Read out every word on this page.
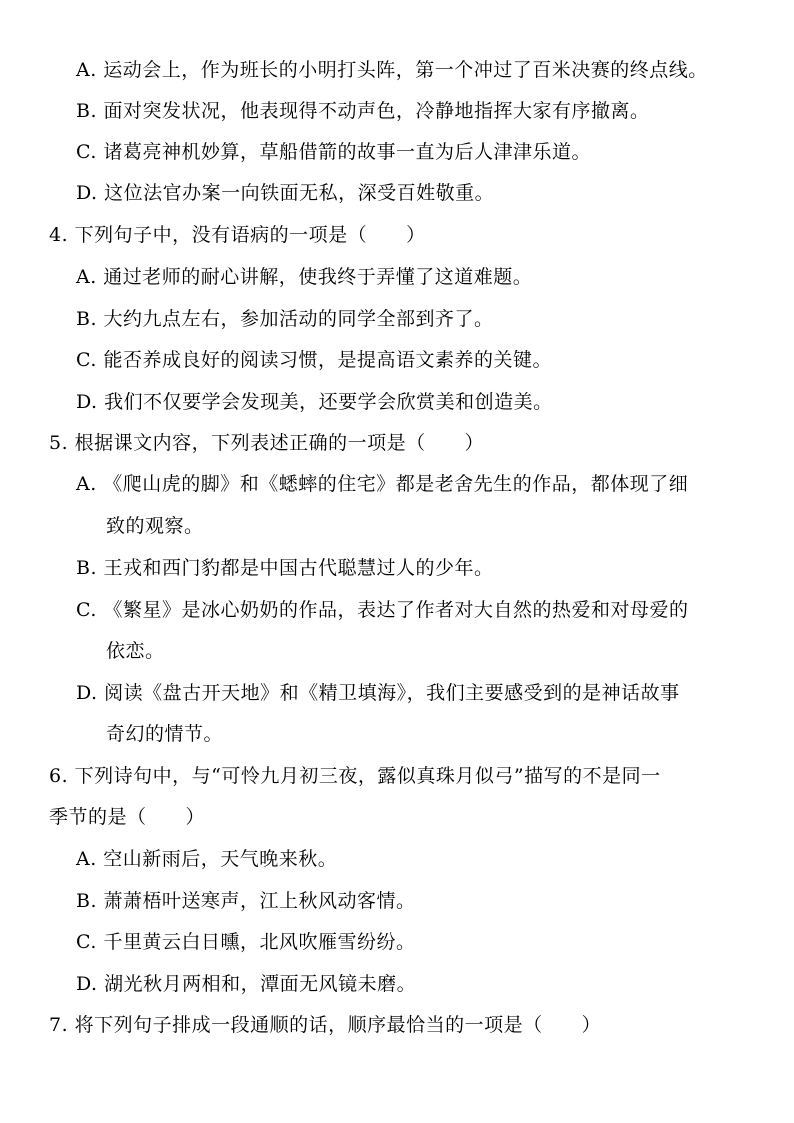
A. 运动会上，作为班长的小明打头阵，第一个冲过了百米决赛的终点线。
B. 面对突发状况，他表现得不动声色，冷静地指挥大家有序撤离。
C. 诸葛亮神机妙算，草船借箭的故事一直为后人津津乐道。
D. 这位法官办案一向铁面无私，深受百姓敬重。
4. 下列句子中，没有语病的一项是（　　）
A. 通过老师的耐心讲解，使我终于弄懂了这道难题。
B. 大约九点左右，参加活动的同学全部到齐了。
C. 能否养成良好的阅读习惯，是提高语文素养的关键。
D. 我们不仅要学会发现美，还要学会欣赏美和创造美。
5. 根据课文内容，下列表述正确的一项是（　　）
A. 《爬山虎的脚》和《蟋蟀的住宅》都是老舍先生的作品，都体现了细
致的观察。
B. 王戎和西门豹都是中国古代聪慧过人的少年。
C. 《繁星》是冰心奶奶的作品，表达了作者对大自然的热爱和对母爱的
依恋。
D. 阅读《盘古开天地》和《精卫填海》，我们主要感受到的是神话故事
奇幻的情节。
6. 下列诗句中，与“可怜九月初三夜，露似真珠月似弓”描写的不是同一
季节的是（　　）
A. 空山新雨后，天气晚来秋。
B. 萧萧梧叶送寒声，江上秋风动客情。
C. 千里黄云白日曛，北风吹雁雪纷纷。
D. 湖光秋月两相和，潭面无风镜未磨。
7. 将下列句子排成一段通顺的话，顺序最恰当的一项是（　　）
